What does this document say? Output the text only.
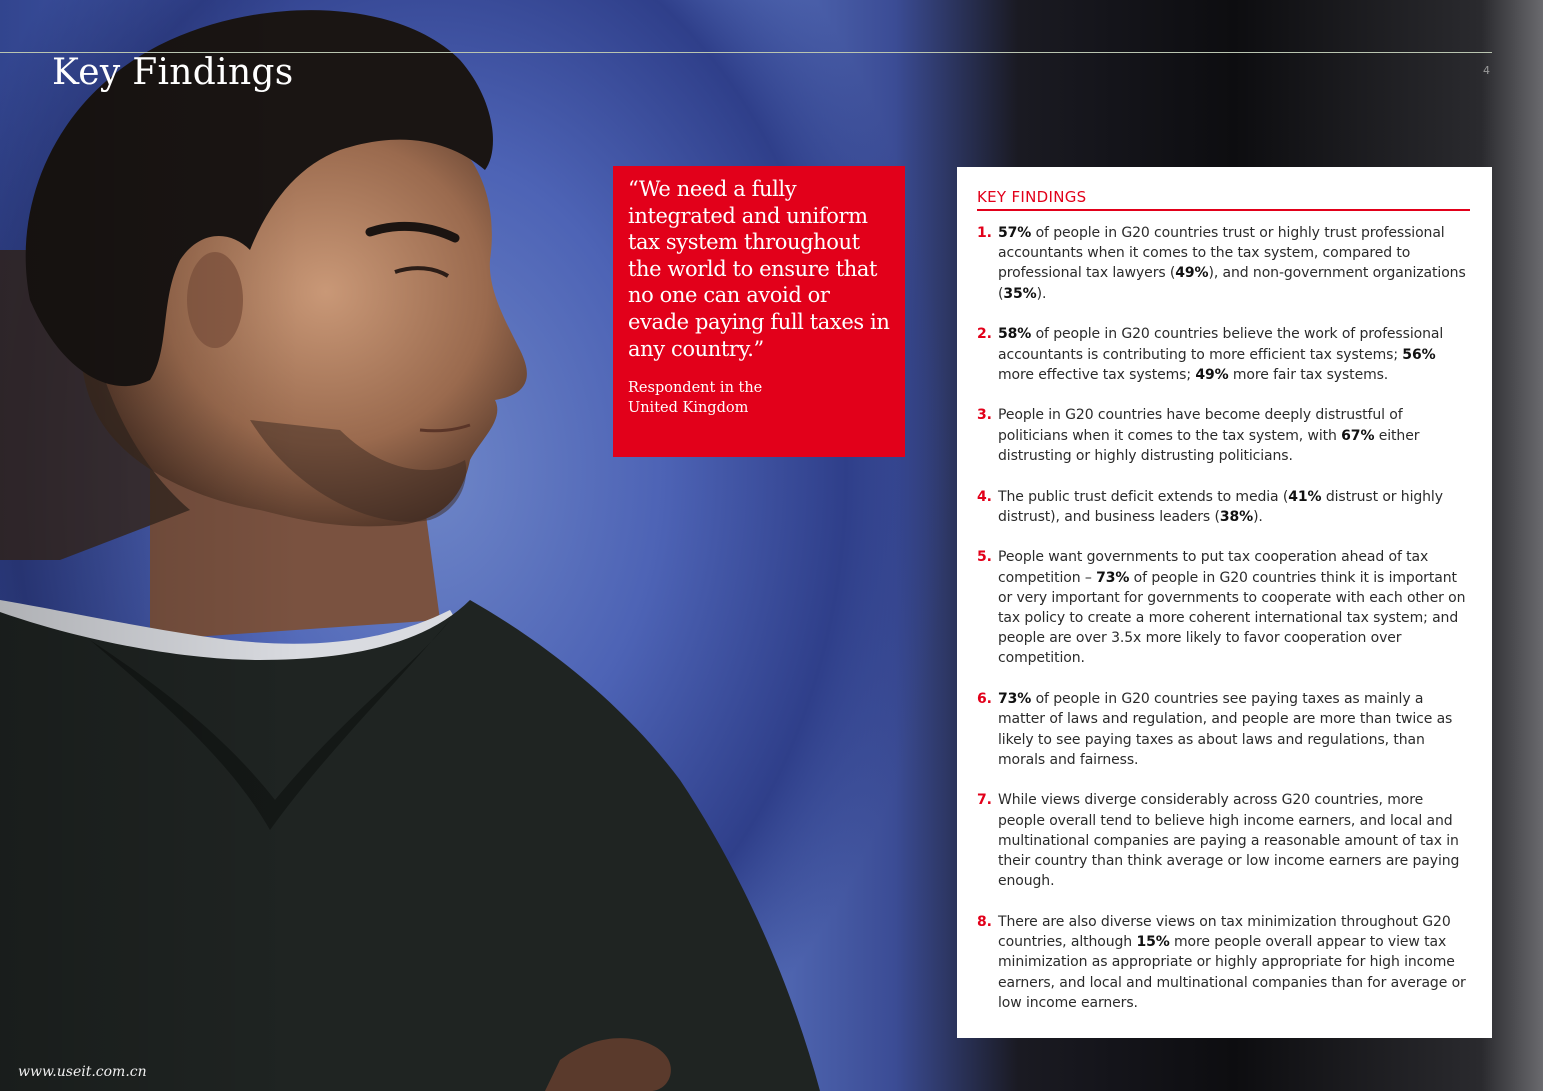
Key Findings	4

“We need a fully integrated and uniform tax system throughout the world to ensure that no one can avoid or evade paying full taxes in any country.”

Respondent in the United Kingdom

KEY FINDINGS
1. 57% of people in G20 countries trust or highly trust professional accountants when it comes to the tax system, compared to professional tax lawyers (49%), and non-government organizations (35%).
2. 58% of people in G20 countries believe the work of professional accountants is contributing to more efficient tax systems; 56% more effective tax systems; 49% more fair tax systems.
3. People in G20 countries have become deeply distrustful of politicians when it comes to the tax system, with 67% either distrusting or highly distrusting politicians.
4. The public trust deficit extends to media (41% distrust or highly distrust), and business leaders (38%).
5. People want governments to put tax cooperation ahead of tax competition – 73% of people in G20 countries think it is important or very important for governments to cooperate with each other on tax policy to create a more coherent international tax system; and people are over 3.5x more likely to favor cooperation over competition.
6. 73% of people in G20 countries see paying taxes as mainly a matter of laws and regulation, and people are more than twice as likely to see paying taxes as about laws and regulations, than morals and fairness.
7. While views diverge considerably across G20 countries, more people overall tend to believe high income earners, and local and multinational companies are paying a reasonable amount of tax in their country than think average or low income earners are paying enough.
8. There are also diverse views on tax minimization throughout G20 countries, although 15% more people overall appear to view tax minimization as appropriate or highly appropriate for high income earners, and local and multinational companies than for average or low income earners.
www.useit.com.cn
